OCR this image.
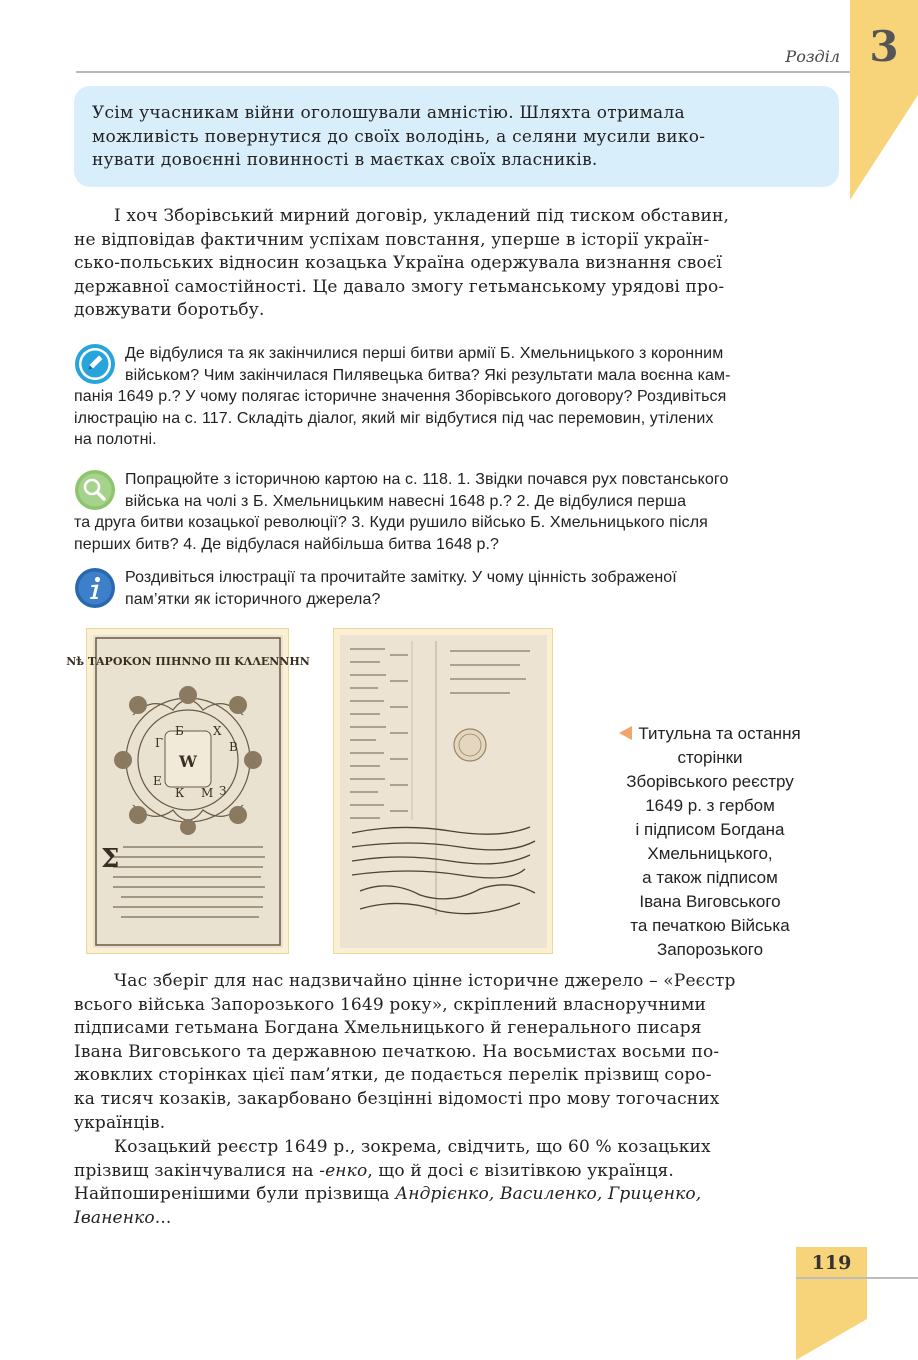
Розділ 3

Усім учасникам війни оголошували амністію. Шляхта отримала
можливість повернутися до своїх володінь, а селяни мусили вико-
нувати довоєнні повинності в маєтках своїх власників.

І хоч Зборівський мирний договір, укладений під тиском обставин,
не відповідав фактичним успіхам повстання, уперше в історії україн-
сько-польських відносин козацька Україна одержувала визнання своєї
державної самостійності. Це давало змогу гетьманському урядові про-
довжувати боротьбу.
Де відбулися та як закінчилися перші битви армії Б. Хмельницького з коронним
військом? Чим закінчилася Пилявецька битва? Які результати мала воєнна кам-
панія 1649 р.? У чому полягає історичне значення Зборівського договору? Роздивіться
ілюстрацію на с. 117. Складіть діалог, який міг відбутися під час перемовин, утілених
на полотні.
Попрацюйте з історичною картою на с. 118. 1. Звідки почався рух повстанського
війська на чолі з Б. Хмельницьким навесні 1648 р.? 2. Де відбулися перша
та друга битви козацької революції? 3. Куди рушило військо Б. Хмельницького після
перших битв? 4. Де відбулася найбільша битва 1648 р.?
Роздивіться ілюстрації та прочитайте замітку. У чому цінність зображеної
пам’ятки як історичного джерела?
Nѣ ΤΑΡΟΚΟΝ ΠΙΗΝΝΟ ΠΙ ΚΛΛΕΝΝΗΝ
W
Г
Б Х
В
Е
К М З
Σ
Титульна та остання
сторінки
Зборівського реєстру
1649 р. з гербом
і підписом Богдана
Хмельницького,
а також підписом
Івана Виговського
та печаткою Війська
Запорозького
Час зберіг для нас надзвичайно цінне історичне джерело – «Реєстр
всього війська Запорозького 1649 року», скріплений власноручними
підписами гетьмана Богдана Хмельницького й генерального писаря
Івана Виговського та державною печаткою. На восьмистах восьми по-
жовклих сторінках цієї пам’ятки, де подається перелік прізвищ соро-
ка тисяч козаків, закарбовано безцінні відомості про мову тогочасних
українців.
Козацький реєстр 1649 р., зокрема, свідчить, що 60 % козацьких
прізвищ закінчувалися на -енко, що й досі є візитівкою українця.
Найпоширенішими були прізвища Андрієнко, Василенко, Гриценко,
Іваненко...
119
